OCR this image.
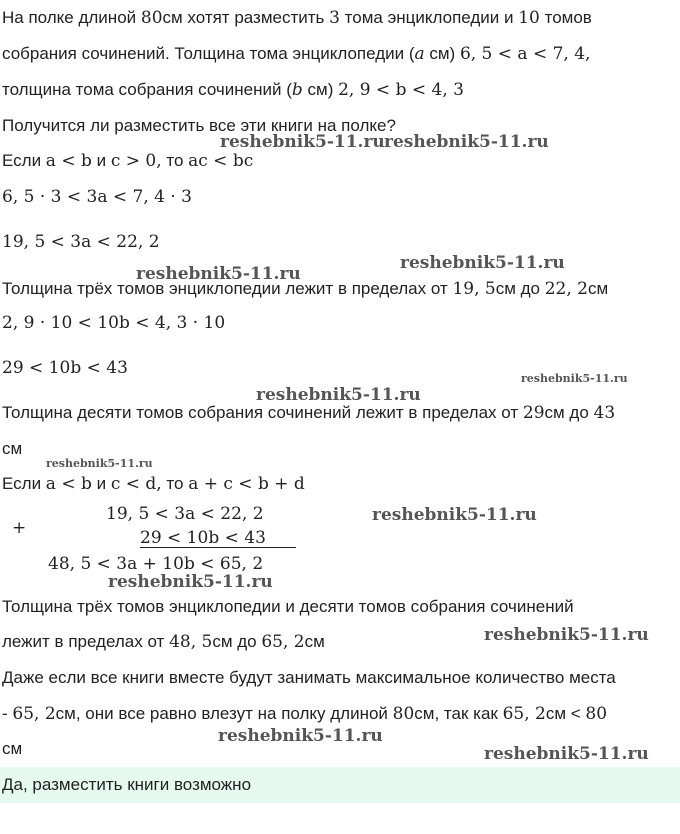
На полке длиной 80см хотят разместить 3 тома энциклопедии и 10 томов
собрания сочинений. Толщина тома энциклопедии (a см) 6, 5 < a < 7, 4,
толщина тома собрания сочинений (b см) 2, 9 < b < 4, 3
Получится ли разместить все эти книги на полке?
Если a < b и c > 0, то ac < bc
6, 5 · 3 < 3a < 7, 4 · 3
19, 5 < 3a < 22, 2
Толщина трёх томов энциклопедии лежит в пределах от 19, 5см до 22, 2см
2, 9 · 10 < 10b < 4, 3 · 10
29 < 10b < 43
Толщина десяти томов собрания сочинений лежит в пределах от 29см до 43
см
Если a < b и c < d, то a + c < b + d
+
19, 5 < 3a < 22, 2
29 < 10b < 43
48, 5 < 3a + 10b < 65, 2
Толщина трёх томов энциклопедии и десяти томов собрания сочинений
лежит в пределах от 48, 5см до 65, 2см
Даже если все книги вместе будут занимать максимальное количество места
- 65, 2см, они все равно влезут на полку длиной 80см, так как 65, 2см < 80
см
Да, разместить книги возможно
reshebnik5-11.ru reshebnik5-11.ru
reshebnik5-11.ru
reshebnik5-11.ru
reshebnik5-11.ru
reshebnik5-11.ru
reshebnik5-11.ru
reshebnik5-11.ru
reshebnik5-11.ru
reshebnik5-11.ru
reshebnik5-11.ru
reshebnik5-11.ru
